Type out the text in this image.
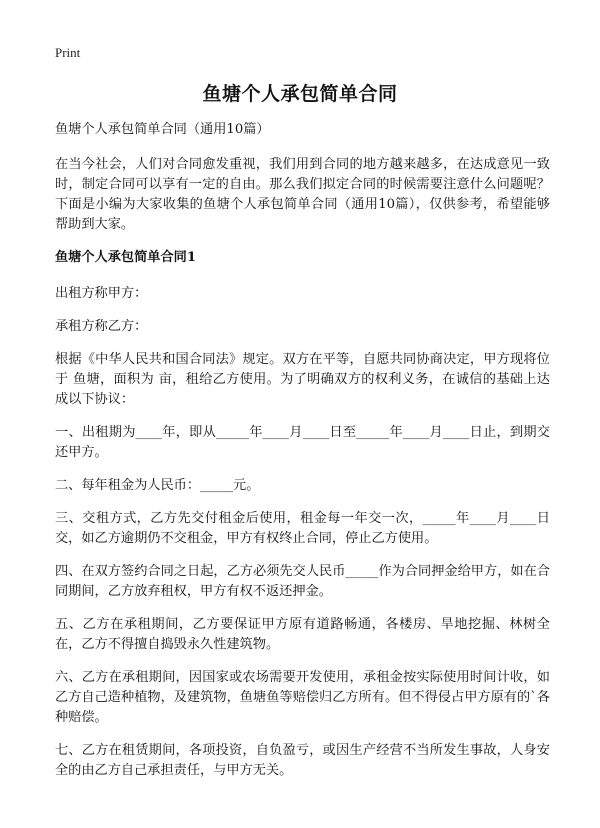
Print
鱼塘个人承包简单合同

鱼塘个人承包简单合同（通用10篇）

在当今社会，人们对合同愈发重视，我们用到合同的地方越来越多，在达成意见一致时，制定合同可以享有一定的自由。那么我们拟定合同的时候需要注意什么问题呢？下面是小编为大家收集的鱼塘个人承包简单合同（通用10篇），仅供参考，希望能够帮助到大家。

鱼塘个人承包简单合同1

出租方称甲方：

承租方称乙方：

根据《中华人民共和国合同法》规定。双方在平等，自愿共同协商决定，甲方现将位于 鱼塘，面积为 亩，租给乙方使用。为了明确双方的权利义务，在诚信的基础上达成以下协议：

一、出租期为____年，即从_____年____月____日至_____年____月____日止，到期交还甲方。

二、每年租金为人民币：_____元。

三、交租方式，乙方先交付租金后使用，租金每一年交一次，_____年____月____日交，如乙方逾期仍不交租金，甲方有权终止合同，停止乙方使用。

四、在双方签约合同之日起，乙方必须先交人民币_____作为合同押金给甲方，如在合同期间，乙方放弃租权，甲方有权不返还押金。

五、乙方在承租期间，乙方要保证甲方原有道路畅通，各楼房、旱地挖掘、林树全在，乙方不得擅自捣毁永久性建筑物。

六、乙方在承租期间，因国家或农场需要开发使用，承租金按实际使用时间计收，如乙方自己造种植物，及建筑物，鱼塘鱼等赔偿归乙方所有。但不得侵占甲方原有的`各种赔偿。

七、乙方在租赁期间，各项投资，自负盈亏，或因生产经营不当所发生事故，人身安全的由乙方自己承担责任，与甲方无关。
